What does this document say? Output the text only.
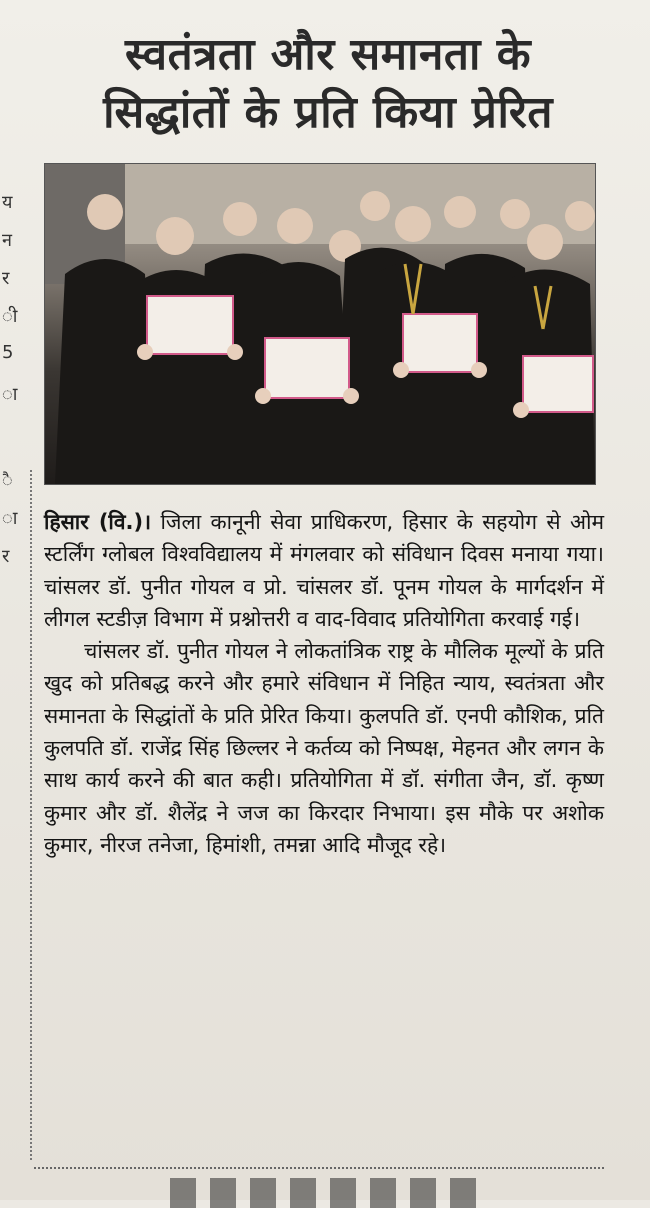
य
न
र
ी
5
ा
ै
ा
र
स्वतंत्रता और समानता के
सिद्धांतों के प्रति किया प्रेरित

हिसार (वि.)। जिला कानूनी सेवा प्राधिकरण, हिसार के सहयोग से ओम स्टर्लिंग ग्लोबल विश्वविद्यालय में मंगलवार को संविधान दिवस मनाया गया। चांसलर डॉ. पुनीत गोयल व प्रो. चांसलर डॉ. पूनम गोयल के मार्गदर्शन में लीगल स्टडीज़ विभाग में प्रश्नोत्तरी व वाद-विवाद प्रतियोगिता करवाई गई।

चांसलर डॉ. पुनीत गोयल ने लोकतांत्रिक राष्ट्र के मौलिक मूल्यों के प्रति खुद को प्रतिबद्ध करने और हमारे संविधान में निहित न्याय, स्वतंत्रता और समानता के सिद्धांतों के प्रति प्रेरित किया। कुलपति डॉ. एनपी कौशिक, प्रति कुलपति डॉ. राजेंद्र सिंह छिल्लर ने कर्तव्य को निष्पक्ष, मेहनत और लगन के साथ कार्य करने की बात कही। प्रतियोगिता में डॉ. संगीता जैन, डॉ. कृष्ण कुमार और डॉ. शैलेंद्र ने जज का किरदार निभाया। इस मौके पर अशोक कुमार, नीरज तनेजा, हिमांशी, तमन्ना आदि मौजूद रहे।
